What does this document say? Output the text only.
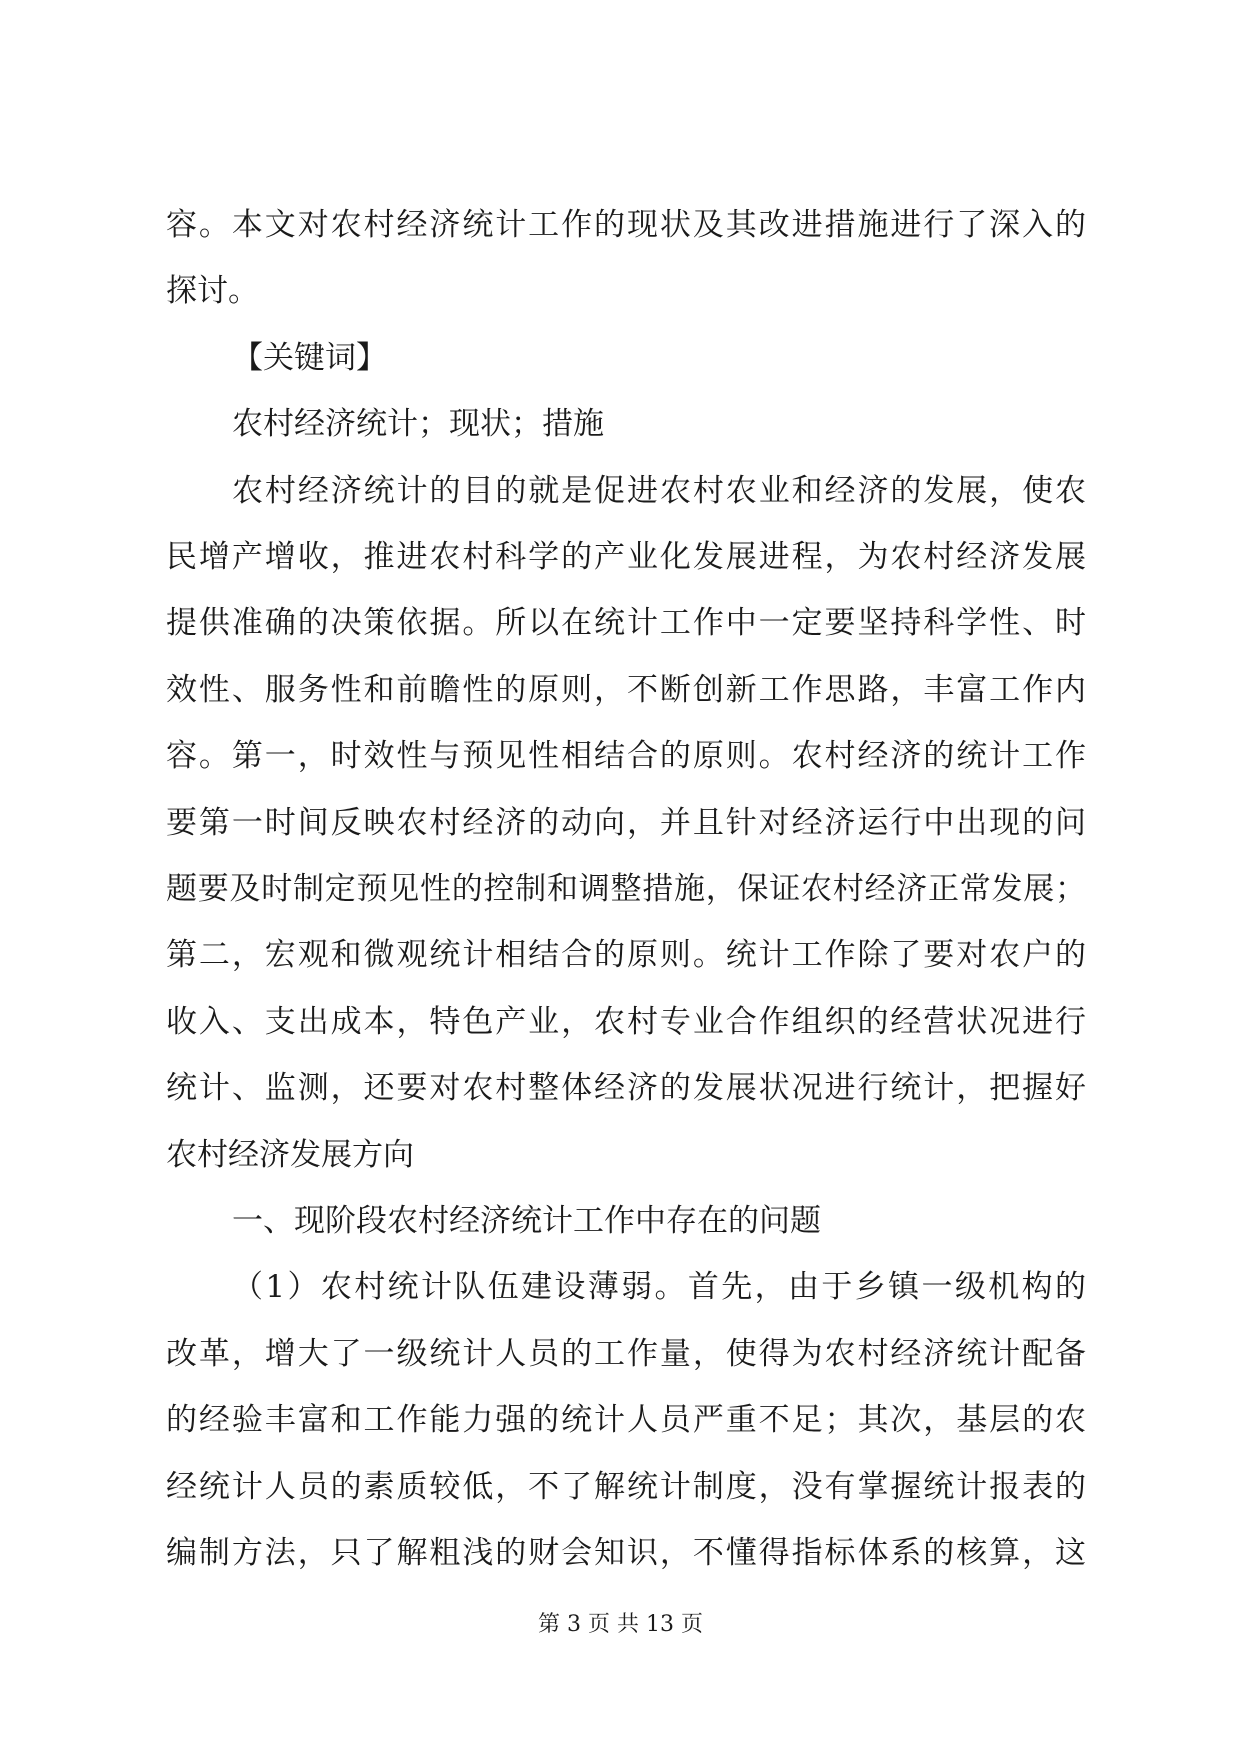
容。本文对农村经济统计工作的现状及其改进措施进行了深入的
探讨。
【关键词】
农村经济统计；现状；措施
农村经济统计的目的就是促进农村农业和经济的发展，使农
民增产增收，推进农村科学的产业化发展进程，为农村经济发展
提供准确的决策依据。所以在统计工作中一定要坚持科学性、时
效性、服务性和前瞻性的原则，不断创新工作思路，丰富工作内
容。第一，时效性与预见性相结合的原则。农村经济的统计工作
要第一时间反映农村经济的动向，并且针对经济运行中出现的问
题要及时制定预见性的控制和调整措施，保证农村经济正常发展；
第二，宏观和微观统计相结合的原则。统计工作除了要对农户的
收入、支出成本，特色产业，农村专业合作组织的经营状况进行
统计、监测，还要对农村整体经济的发展状况进行统计，把握好
农村经济发展方向
一、现阶段农村经济统计工作中存在的问题
（1）农村统计队伍建设薄弱。首先，由于乡镇一级机构的
改革，增大了一级统计人员的工作量，使得为农村经济统计配备
的经验丰富和工作能力强的统计人员严重不足；其次，基层的农
经统计人员的素质较低，不了解统计制度，没有掌握统计报表的
编制方法，只了解粗浅的财会知识，不懂得指标体系的核算，这
第 3 页 共 13 页
